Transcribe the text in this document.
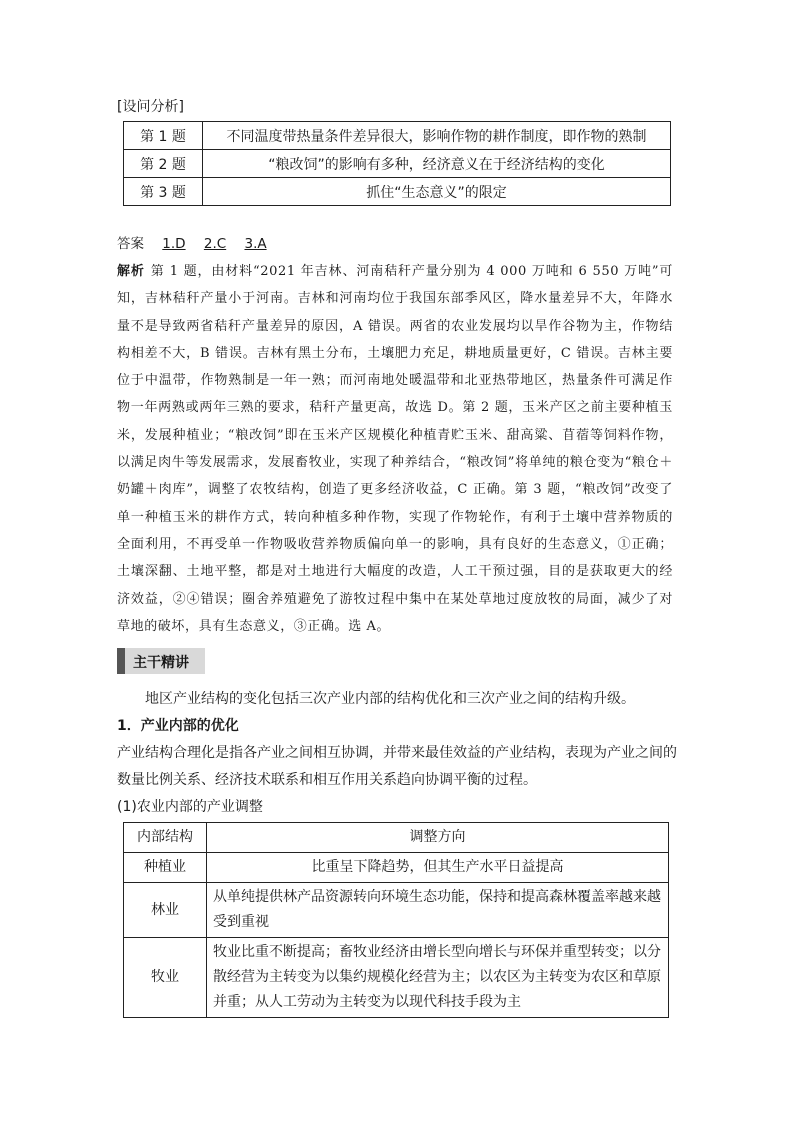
[设问分析]
第 1 题	不同温度带热量条件差异很大，影响作物的耕作制度，即作物的熟制
第 2 题	“粮改饲”的影响有多种，经济意义在于经济结构的变化
第 3 题	抓住“生态意义”的限定
答案 1.D 2.C 3.A
解析 第 1 题，由材料“2021 年吉林、河南秸秆产量分别为 4 000 万吨和 6 550 万吨”可知，吉林秸秆产量小于河南。吉林和河南均位于我国东部季风区，降水量差异不大，年降水量不是导致两省秸秆产量差异的原因，A 错误。两省的农业发展均以旱作谷物为主，作物结构相差不大，B 错误。吉林有黑土分布，土壤肥力充足，耕地质量更好，C 错误。吉林主要位于中温带，作物熟制是一年一熟；而河南地处暖温带和北亚热带地区，热量条件可满足作物一年两熟或两年三熟的要求，秸秆产量更高，故选 D。第 2 题，玉米产区之前主要种植玉米，发展种植业；“粮改饲”即在玉米产区规模化种植青贮玉米、甜高粱、苜蓿等饲料作物，以满足肉牛等发展需求，发展畜牧业，实现了种养结合，“粮改饲”将单纯的粮仓变为“粮仓＋奶罐＋肉库”，调整了农牧结构，创造了更多经济收益，C 正确。第 3 题，“粮改饲”改变了单一种植玉米的耕作方式，转向种植多种作物，实现了作物轮作，有利于土壤中营养物质的全面利用，不再受单一作物吸收营养物质偏向单一的影响，具有良好的生态意义，①正确；土壤深翻、土地平整，都是对土地进行大幅度的改造，人工干预过强，目的是获取更大的经济效益，②④错误；圈舍养殖避免了游牧过程中集中在某处草地过度放牧的局面，减少了对草地的破坏，具有生态意义，③正确。选 A。
主干精讲
地区产业结构的变化包括三次产业内部的结构优化和三次产业之间的结构升级。
1．产业内部的优化
产业结构合理化是指各产业之间相互协调，并带来最佳效益的产业结构，表现为产业之间的数量比例关系、经济技术联系和相互作用关系趋向协调平衡的过程。
(1)农业内部的产业调整
内部结构	调整方向
种植业	比重呈下降趋势，但其生产水平日益提高
林业	从单纯提供林产品资源转向环境生态功能，保持和提高森林覆盖率越来越受到重视
牧业	牧业比重不断提高；畜牧业经济由增长型向增长与环保并重型转变；以分散经营为主转变为以集约规模化经营为主；以农区为主转变为农区和草原并重；从人工劳动为主转变为以现代科技手段为主
